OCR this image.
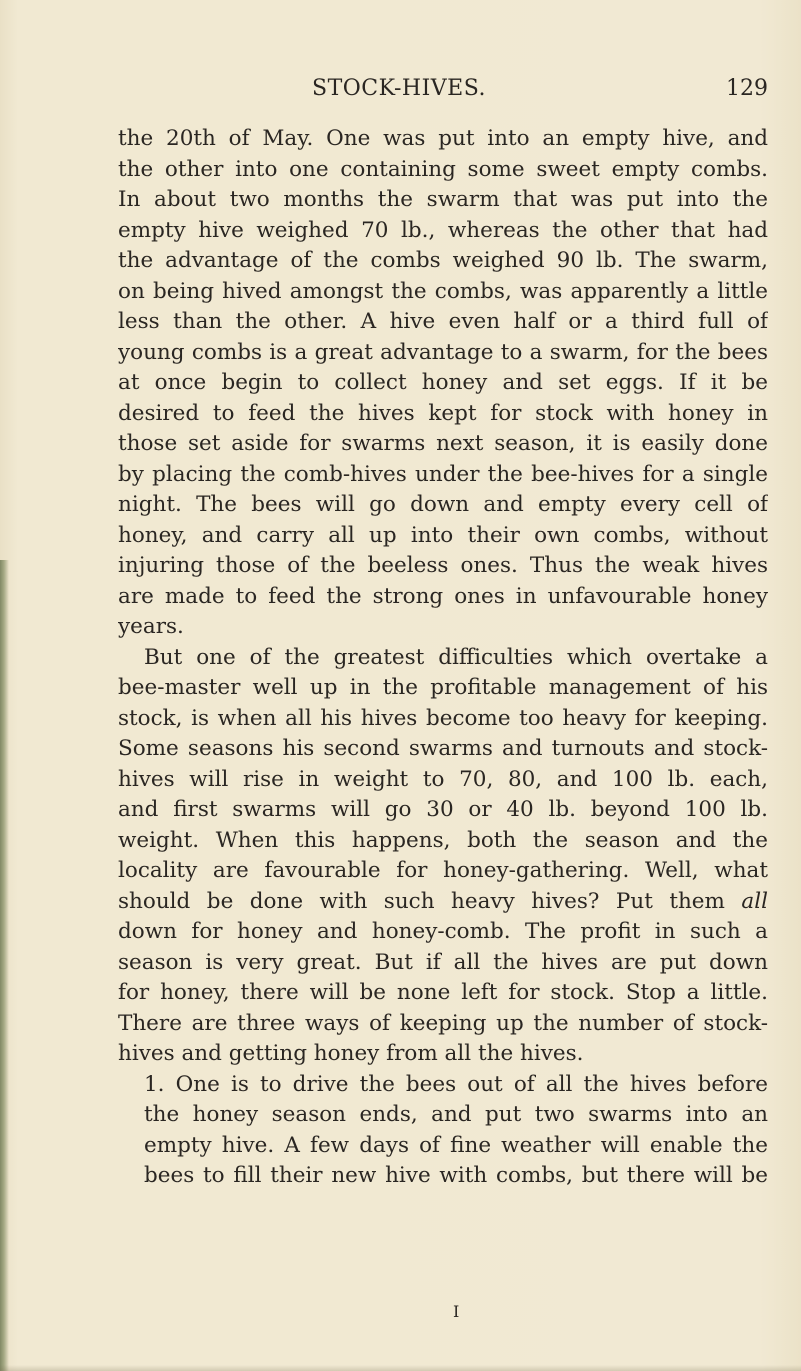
STOCK-HIVES.	129
the 20th of May. One was put into an empty hive, and
the other into one containing some sweet empty combs.
In about two months the swarm that was put into the
empty hive weighed 70 lb., whereas the other that had
the advantage of the combs weighed 90 lb. The swarm,
on being hived amongst the combs, was apparently a little
less than the other. A hive even half or a third full of
young combs is a great advantage to a swarm, for the bees
at once begin to collect honey and set eggs. If it be
desired to feed the hives kept for stock with honey in
those set aside for swarms next season, it is easily done
by placing the comb-hives under the bee-hives for a single
night. The bees will go down and empty every cell of
honey, and carry all up into their own combs, without
injuring those of the beeless ones. Thus the weak hives
are made to feed the strong ones in unfavourable honey
years.
But one of the greatest difficulties which overtake a
bee-master well up in the profitable management of his
stock, is when all his hives become too heavy for keeping.
Some seasons his second swarms and turnouts and stock-
hives will rise in weight to 70, 80, and 100 lb. each,
and first swarms will go 30 or 40 lb. beyond 100 lb.
weight. When this happens, both the season and the
locality are favourable for honey-gathering. Well, what
should be done with such heavy hives? Put them all
down for honey and honey-comb. The profit in such a
season is very great. But if all the hives are put down
for honey, there will be none left for stock. Stop a little.
There are three ways of keeping up the number of stock-
hives and getting honey from all the hives.
1. One is to drive the bees out of all the hives before
the honey season ends, and put two swarms into an
empty hive. A few days of fine weather will enable the
bees to fill their new hive with combs, but there will be
I
